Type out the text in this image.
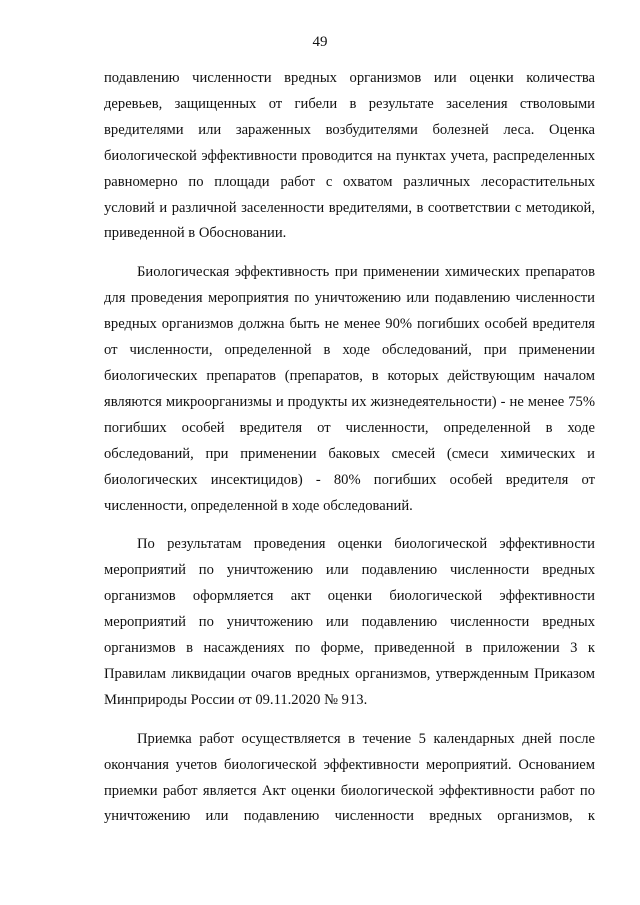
49

подавлению численности вредных организмов или оценки количества деревьев, защищенных от гибели в результате заселения стволовыми вредителями или зараженных возбудителями болезней леса. Оценка биологической эффективности проводится на пунктах учета, распределенных равномерно по площади работ с охватом различных лесорастительных условий и различной заселенности вредителями, в соответствии с методикой, приведенной в Обосновании.

Биологическая эффективность при применении химических препаратов для проведения мероприятия по уничтожению или подавлению численности вредных организмов должна быть не менее 90% погибших особей вредителя от численности, определенной в ходе обследований, при применении биологических препаратов (препаратов, в которых действующим началом являются микроорганизмы и продукты их жизнедеятельности) - не менее 75% погибших особей вредителя от численности, определенной в ходе обследований, при применении баковых смесей (смеси химических и биологических инсектицидов) - 80% погибших особей вредителя от численности, определенной в ходе обследований.

По результатам проведения оценки биологической эффективности мероприятий по уничтожению или подавлению численности вредных организмов оформляется акт оценки биологической эффективности мероприятий по уничтожению или подавлению численности вредных организмов в насаждениях по форме, приведенной в приложении 3 к Правилам ликвидации очагов вредных организмов, утвержденным Приказом Минприроды России от 09.11.2020 № 913.

Приемка работ осуществляется в течение 5 календарных дней после окончания учетов биологической эффективности мероприятий. Основанием приемки работ является Акт оценки биологической эффективности работ по уничтожению или подавлению численности вредных организмов, к
